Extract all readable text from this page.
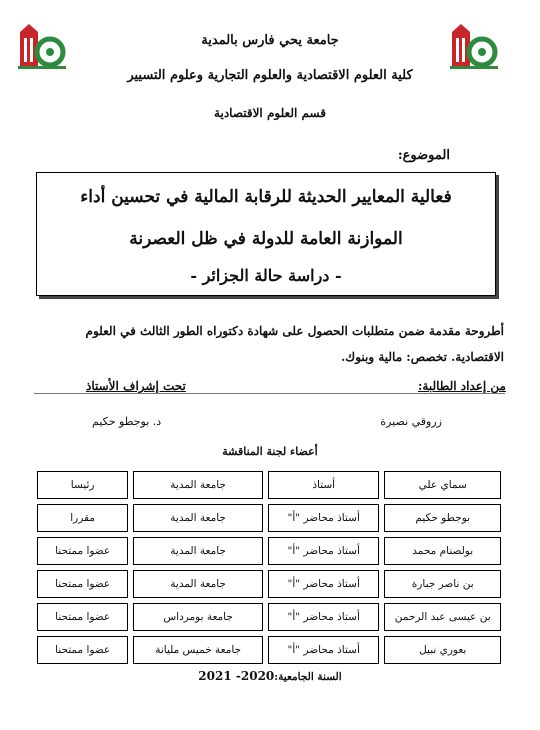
جامعة يحي فارس بالمدية
كلية العلوم الاقتصادية والعلوم التجارية وعلوم التسيير
قسم العلوم الاقتصادية
الموضوع:
فعالية المعايير الحديثة للرقابة المالية في تحسين أداء
الموازنة العامة للدولة في ظل العصرنة
- دراسة حالة الجزائر -
أطروحة مقدمة ضمن متطلبات الحصول على شهادة دكتوراه الطور الثالث في العلوم
الاقتصادية. تخصص: مالية وبنوك.
من إعداد الطالبة:
تحت إشراف الأستاذ
زروقي نصيرة
د. بوجطو حكيم
أعضاء لجنة المناقشة
سماي علي	أستاذ	جامعة المدية	رئيسا
بوجطو حكيم	أستاذ محاضر "أ"	جامعة المدية	مقررا
بولصنام محمد	أستاذ محاضر "أ"	جامعة المدية	عضوا ممتحنا
بن ناصر جبارة	أستاذ محاضر "أ"	جامعة المدية	عضوا ممتحنا
بن عيسى عبد الرحمن	أستاذ محاضر "أ"	جامعة بومرداس	عضوا ممتحنا
بعوري نبيل	أستاذ محاضر "أ"	جامعة خميس مليانة	عضوا ممتحنا
السنة الجامعية:2020- 2021
